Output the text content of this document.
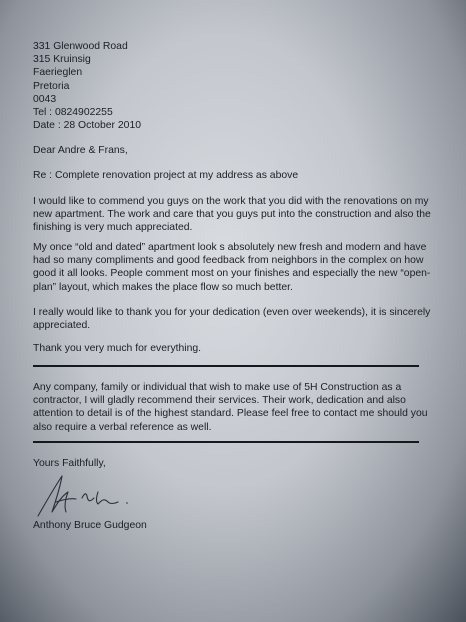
331 Glenwood Road
315 Kruinsig
Faerieglen
Pretoria
0043
Tel : 0824902255
Date : 28 October 2010
Dear Andre & Frans,
Re : Complete renovation project at my address as above

I would like to commend you guys on the work that you did with the renovations on my new apartment. The work and care that you guys put into the construction and also the finishing is very much appreciated.

My once “old and dated” apartment look s absolutely new fresh and modern and have had so many compliments and good feedback from neighbors in the complex on how good it all looks. People comment most on your finishes and especially the new “open-plan” layout, which makes the place flow so much better.

I really would like to thank you for your dedication (even over weekends), it is sincerely appreciated.

Thank you very much for everything.

Any company, family or individual that wish to make use of 5H Construction as a contractor, I will gladly recommend their services. Their work, dedication and also attention to detail is of the highest standard. Please feel free to contact me should you also require a verbal reference as well.

Yours Faithfully,
Anthony Bruce Gudgeon
